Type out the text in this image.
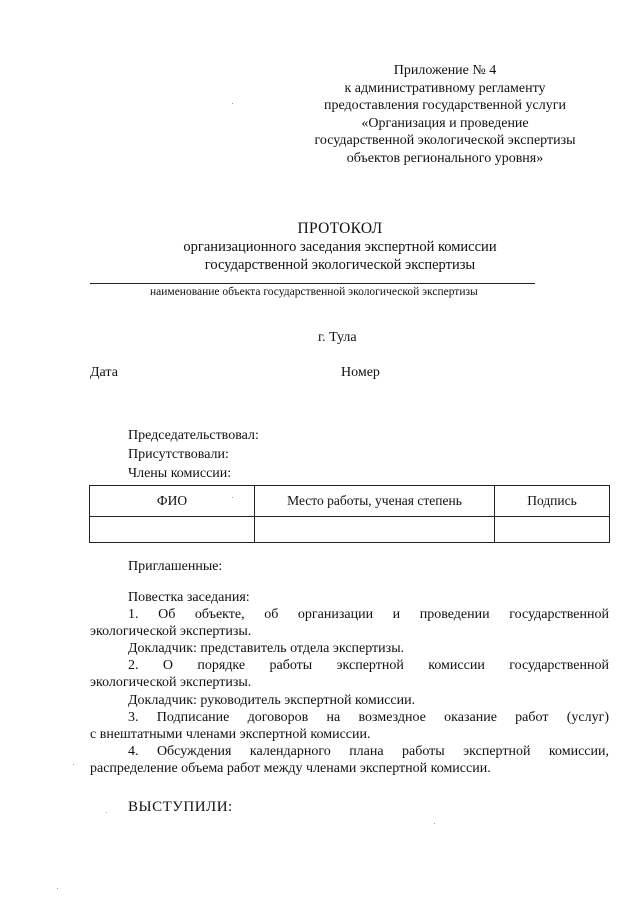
Приложение № 4
к административному регламенту
предоставления государственной услуги
«Организация и проведение
государственной экологической экспертизы
объектов регионального уровня»
ПРОТОКОЛ
организационного заседания экспертной комиссии
государственной экологической экспертизы
наименование объекта государственной экологической экспертизы
г. Тула
Дата	Номер
Председательствовал:
Присутствовали:
Члены комиссии:
ФИО	Место работы, ученая степень	Подпись

Приглашенные:

Повестка заседания:

1. Об объекте, об организации и проведении государственной

экологической экспертизы.

Докладчик: представитель отдела экспертизы.

2. О порядке работы экспертной комиссии государственной

экологической экспертизы.

Докладчик: руководитель экспертной комиссии.

3. Подписание договоров на возмездное оказание работ (услуг)

с внештатными членами экспертной комиссии.

4. Обсуждения календарного плана работы экспертной комиссии,

распределение объема работ между членами экспертной комиссии.

ВЫСТУПИЛИ:
